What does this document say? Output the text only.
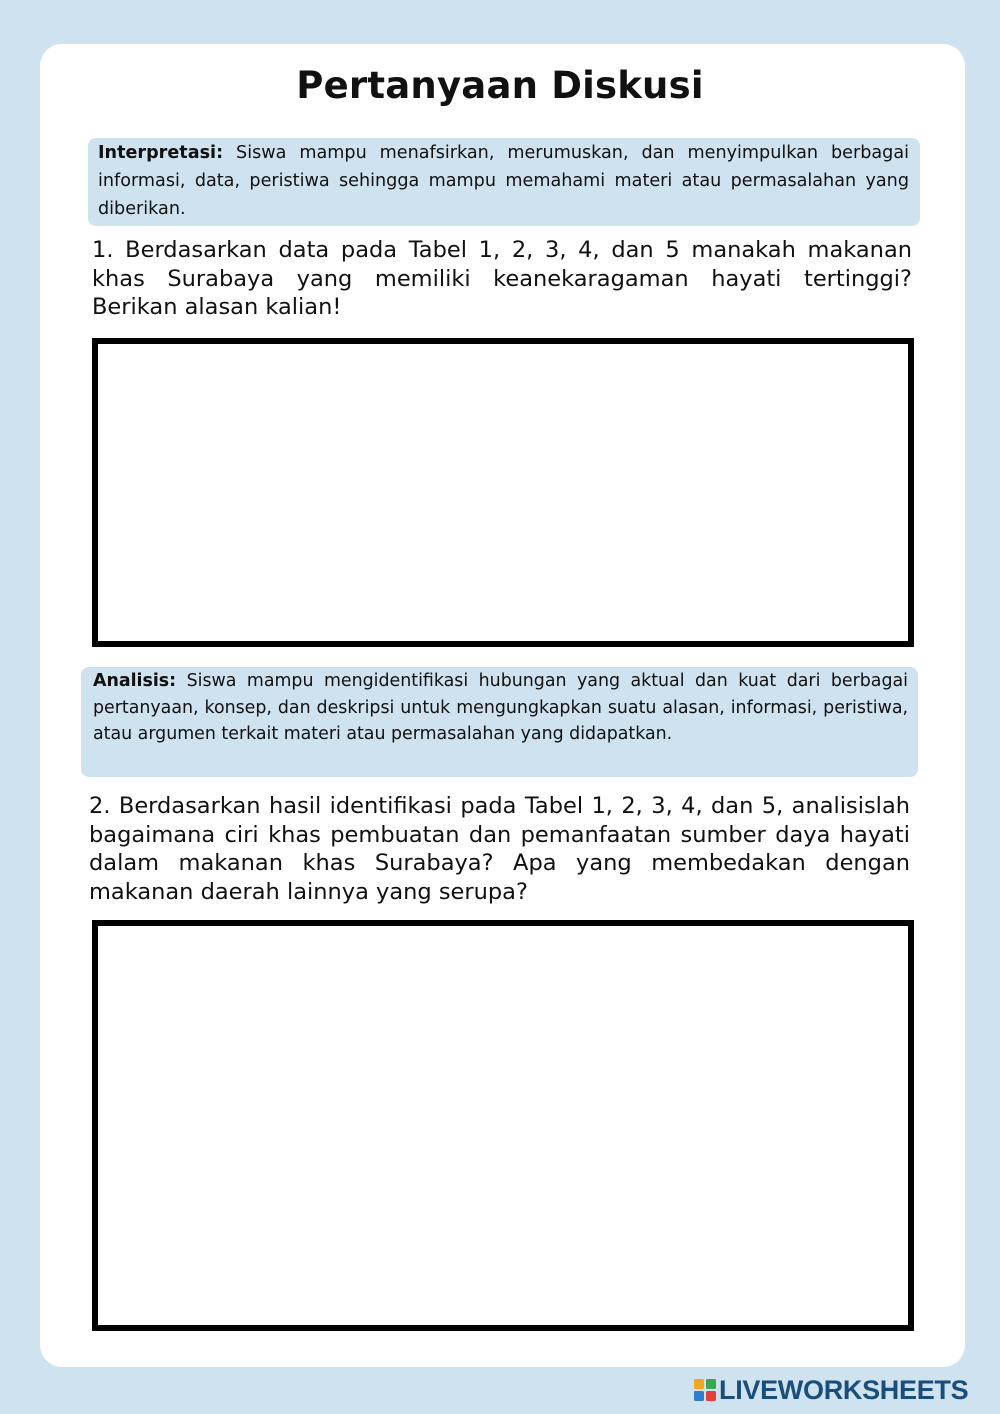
Pertanyaan Diskusi
Interpretasi: Siswa mampu menafsirkan, merumuskan, dan menyimpulkan berbagai informasi, data, peristiwa sehingga mampu memahami materi atau permasalahan yang diberikan.

1. Berdasarkan data pada Tabel 1, 2, 3, 4, dan 5 manakah makanan khas Surabaya yang memiliki keanekaragaman hayati tertinggi? Berikan alasan kalian!

Analisis: Siswa mampu mengidentifikasi hubungan yang aktual dan kuat dari berbagai pertanyaan, konsep, dan deskripsi untuk mengungkapkan suatu alasan, informasi, peristiwa, atau argumen terkait materi atau permasalahan yang didapatkan.

2. Berdasarkan hasil identifikasi pada Tabel 1, 2, 3, 4, dan 5, analisislah bagaimana ciri khas pembuatan dan pemanfaatan sumber daya hayati dalam makanan khas Surabaya? Apa yang membedakan dengan makanan daerah lainnya yang serupa?

LIVEWORKSHEETS
